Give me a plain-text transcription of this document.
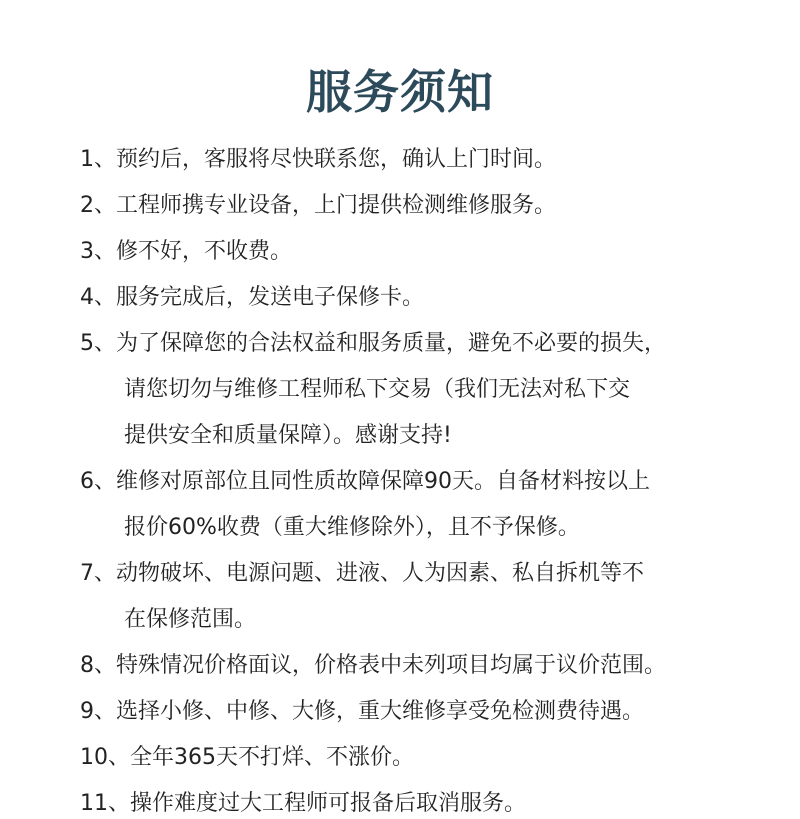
服务须知
1、预约后，客服将尽快联系您，确认上门时间。
2、工程师携专业设备，上门提供检测维修服务。
3、修不好，不收费。
4、服务完成后，发送电子保修卡。
5、为了保障您的合法权益和服务质量，避免不必要的损失，
请您切勿与维修工程师私下交易（我们无法对私下交
提供安全和质量保障）。感谢支持!
6、维修对原部位且同性质故障保障90天。自备材料按以上
报价60%收费（重大维修除外），且不予保修。
7、动物破坏、电源问题、进液、人为因素、私自拆机等不
在保修范围。
8、特殊情况价格面议，价格表中未列项目均属于议价范围。
9、选择小修、中修、大修，重大维修享受免检测费待遇。
10、全年365天不打烊、不涨价。
11、操作难度过大工程师可报备后取消服务。
